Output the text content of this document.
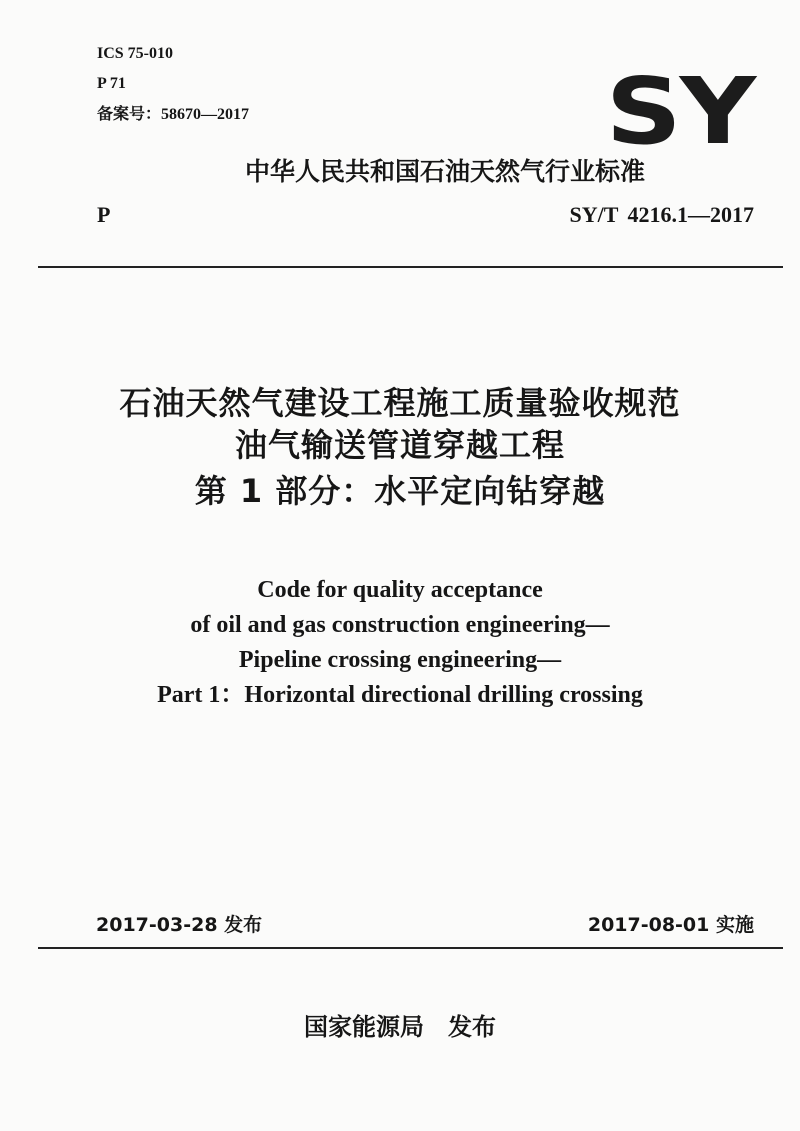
ICS 75-010
P 71
备案号：58670—2017	SY
中华人民共和国石油天然气行业标准
P	SY/T 4216.1—2017
石油天然气建设工程施工质量验收规范
油气输送管道穿越工程
第 1 部分：水平定向钻穿越
Code for quality acceptance
of oil and gas construction engineering—
Pipeline crossing engineering—
Part 1：Horizontal directional drilling crossing
2017-03-28 发布	2017-08-01 实施
国家能源局　发布
